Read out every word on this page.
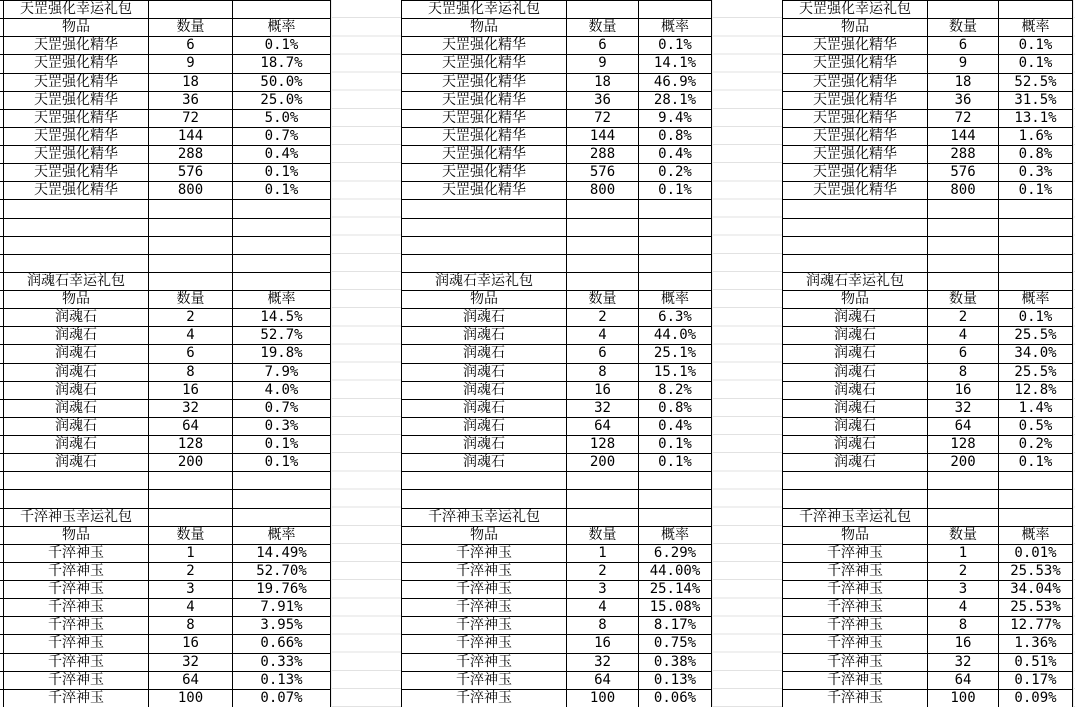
	天罡强化幸运礼包		
	物品	数量	概率
	天罡强化精华	6	0.1%
	天罡强化精华	9	18.7%
	天罡强化精华	18	50.0%
	天罡强化精华	36	25.0%
	天罡强化精华	72	5.0%
	天罡强化精华	144	0.7%
	天罡强化精华	288	0.4%
	天罡强化精华	576	0.1%
	天罡强化精华	800	0.1%

	润魂石幸运礼包		
	物品	数量	概率
	润魂石	2	14.5%
	润魂石	4	52.7%
	润魂石	6	19.8%
	润魂石	8	7.9%
	润魂石	16	4.0%
	润魂石	32	0.7%
	润魂石	64	0.3%
	润魂石	128	0.1%
	润魂石	200	0.1%

	千淬神玉幸运礼包		
	物品	数量	概率
	千淬神玉	1	14.49%
	千淬神玉	2	52.70%
	千淬神玉	3	19.76%
	千淬神玉	4	7.91%
	千淬神玉	8	3.95%
	千淬神玉	16	0.66%
	千淬神玉	32	0.33%
	千淬神玉	64	0.13%
	千淬神玉	100	0.07%
天罡强化幸运礼包		
物品	数量	概率
天罡强化精华	6	0.1%
天罡强化精华	9	14.1%
天罡强化精华	18	46.9%
天罡强化精华	36	28.1%
天罡强化精华	72	9.4%
天罡强化精华	144	0.8%
天罡强化精华	288	0.4%
天罡强化精华	576	0.2%
天罡强化精华	800	0.1%

润魂石幸运礼包		
物品	数量	概率
润魂石	2	6.3%
润魂石	4	44.0%
润魂石	6	25.1%
润魂石	8	15.1%
润魂石	16	8.2%
润魂石	32	0.8%
润魂石	64	0.4%
润魂石	128	0.1%
润魂石	200	0.1%

千淬神玉幸运礼包		
物品	数量	概率
千淬神玉	1	6.29%
千淬神玉	2	44.00%
千淬神玉	3	25.14%
千淬神玉	4	15.08%
千淬神玉	8	8.17%
千淬神玉	16	0.75%
千淬神玉	32	0.38%
千淬神玉	64	0.13%
千淬神玉	100	0.06%
天罡强化幸运礼包		
物品	数量	概率
天罡强化精华	6	0.1%
天罡强化精华	9	0.1%
天罡强化精华	18	52.5%
天罡强化精华	36	31.5%
天罡强化精华	72	13.1%
天罡强化精华	144	1.6%
天罡强化精华	288	0.8%
天罡强化精华	576	0.3%
天罡强化精华	800	0.1%

润魂石幸运礼包		
物品	数量	概率
润魂石	2	0.1%
润魂石	4	25.5%
润魂石	6	34.0%
润魂石	8	25.5%
润魂石	16	12.8%
润魂石	32	1.4%
润魂石	64	0.5%
润魂石	128	0.2%
润魂石	200	0.1%

千淬神玉幸运礼包		
物品	数量	概率
千淬神玉	1	0.01%
千淬神玉	2	25.53%
千淬神玉	3	34.04%
千淬神玉	4	25.53%
千淬神玉	8	12.77%
千淬神玉	16	1.36%
千淬神玉	32	0.51%
千淬神玉	64	0.17%
千淬神玉	100	0.09%
